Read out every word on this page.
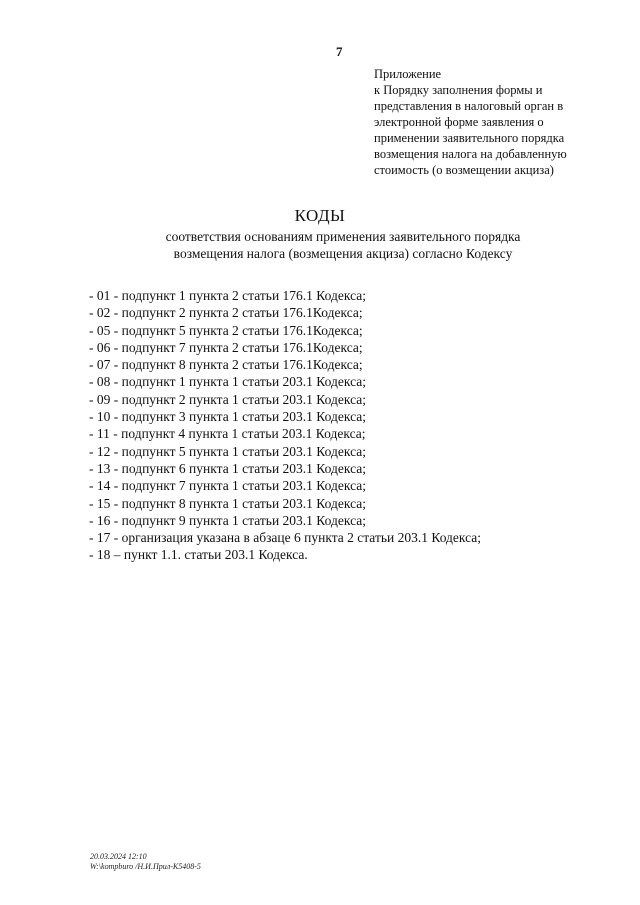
7
Приложение
к Порядку заполнения формы и
представления в налоговый орган в
электронной форме заявления о
применении заявительного порядка
возмещения налога на добавленную
стоимость (о возмещении акциза)
КОДЫ
соответствия основаниям применения заявительного порядка
возмещения налога (возмещения акциза) согласно Кодексу
- 01 - подпункт 1 пункта 2 статьи 176.1 Кодекса;
- 02 - подпункт 2 пункта 2 статьи 176.1Кодекса;
- 05 - подпункт 5 пункта 2 статьи 176.1Кодекса;
- 06 - подпункт 7 пункта 2 статьи 176.1Кодекса;
- 07 - подпункт 8 пункта 2 статьи 176.1Кодекса;
- 08 - подпункт 1 пункта 1 статьи 203.1 Кодекса;
- 09 - подпункт 2 пункта 1 статьи 203.1 Кодекса;
- 10 - подпункт 3 пункта 1 статьи 203.1 Кодекса;
- 11 - подпункт 4 пункта 1 статьи 203.1 Кодекса;
- 12 - подпункт 5 пункта 1 статьи 203.1 Кодекса;
- 13 - подпункт 6 пункта 1 статьи 203.1 Кодекса;
- 14 - подпункт 7 пункта 1 статьи 203.1 Кодекса;
- 15 - подпункт 8 пункта 1 статьи 203.1 Кодекса;
- 16 - подпункт 9 пункта 1 статьи 203.1 Кодекса;
- 17 - организация указана в абзаце 6 пункта 2 статьи 203.1 Кодекса;
- 18 – пункт 1.1. статьи 203.1 Кодекса.
20.03.2024 12:10
W:\kompburo /Н.И.Прил-К5408-5
